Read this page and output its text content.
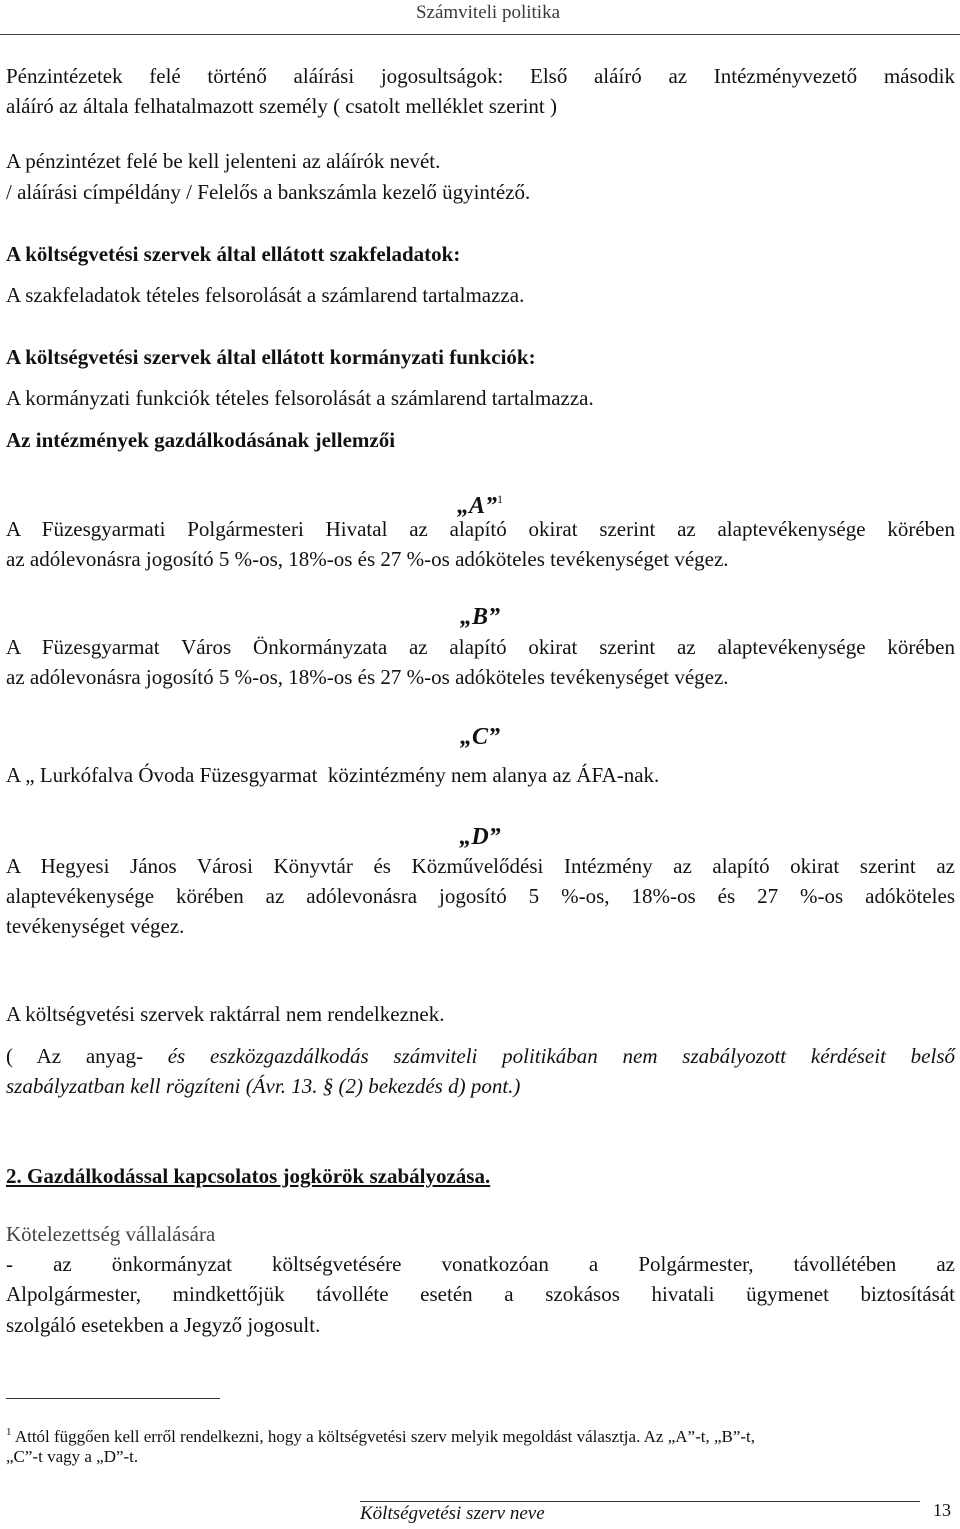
Számviteli politika
Pénzintézetek felé történő aláírási jogosultságok: Első aláíró az Intézményvezető második
aláíró az általa felhatalmazott személy ( csatolt melléklet szerint )
A pénzintézet felé be kell jelenteni az aláírók nevét.
/ aláírási címpéldány / Felelős a bankszámla kezelő ügyintéző.
A költségvetési szervek által ellátott szakfeladatok:
A szakfeladatok tételes felsorolását a számlarend tartalmazza.
A költségvetési szervek által ellátott kormányzati funkciók:
A kormányzati funkciók tételes felsorolását a számlarend tartalmazza.
Az intézmények gazdálkodásának jellemzői
„A”$^1$
A Füzesgyarmati Polgármesteri Hivatal az alapító okirat szerint az alaptevékenysége körében
az adólevonásra jogosító 5 %-os, 18%-os és 27 %-os adóköteles tevékenységet végez.
„B”
A Füzesgyarmat Város Önkormányzata az alapító okirat szerint az alaptevékenysége körében
az adólevonásra jogosító 5 %-os, 18%-os és 27 %-os adóköteles tevékenységet végez.
„C”
A „ Lurkófalva Óvoda Füzesgyarmat  közintézmény nem alanya az ÁFA-nak.
„D”
A Hegyesi János Városi Könyvtár és Közművelődési Intézmény az alapító okirat szerint az
alaptevékenysége körében az adólevonásra jogosító 5 %-os, 18%-os és 27 %-os adóköteles
tevékenységet végez.
A költségvetési szervek raktárral nem rendelkeznek.
( Az anyag- és eszközgazdálkodás számviteli politikában nem szabályozott kérdéseit belső
szabályzatban kell rögzíteni (Ávr. 13. § (2) bekezdés d) pont.)
2. Gazdálkodással kapcsolatos jogkörök szabályozása.
Kötelezettség vállalására
- az önkormányzat költségvetésére vonatkozóan a Polgármester, távollétében az
Alpolgármester, mindkettőjük távolléte esetén a szokásos hivatali ügymenet biztosítását
szolgáló esetekben a Jegyző jogosult.
$^1$ Attól függően kell erről rendelkezni, hogy a költségvetési szerv melyik megoldást választja. Az „A”-t, „B”-t,
„C”-t vagy a „D”-t.
Költségvetési szerv neve	13
